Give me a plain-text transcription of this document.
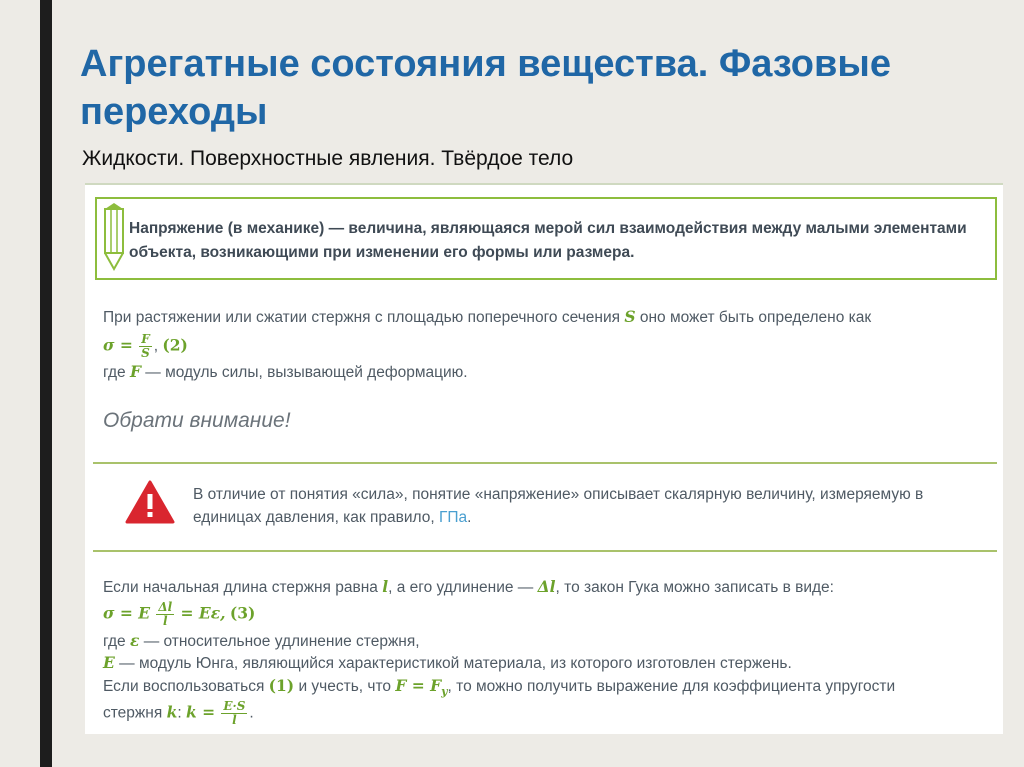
Агрегатные состояния вещества. Фазовые переходы
Жидкости. Поверхностные явления. Твёрдое тело
Напряжение (в механике) — величина, являющаяся мерой сил взаимодействия между малыми элементами объекта, возникающими при изменении его формы или размера.
При растяжении или сжатии стержня с площадью поперечного сечения S оно может быть определено как
$\sigma = \frac{F}{S}$ , (2)
где F — модуль силы, вызывающей деформацию.
Обрати внимание!
В отличие от понятия «сила», понятие «напряжение» описывает скалярную величину, измеряемую в единицах давления, как правило, ГПа.
Если начальная длина стержня равна l, а его удлинение — Δl, то закон Гука можно записать в виде:
σ = E $\frac{\Delta l}{l} = E\varepsilon$, (3)
где ε — относительное удлинение стержня,
E — модуль Юнга, являющийся характеристикой материала, из которого изготовлен стержень.
Если воспользоваться (1) и учесть, что $F = F_y$, то можно получить выражение для коэффициента упругости
стержня k: $k = \frac{E\cdot S}{l}$ .
